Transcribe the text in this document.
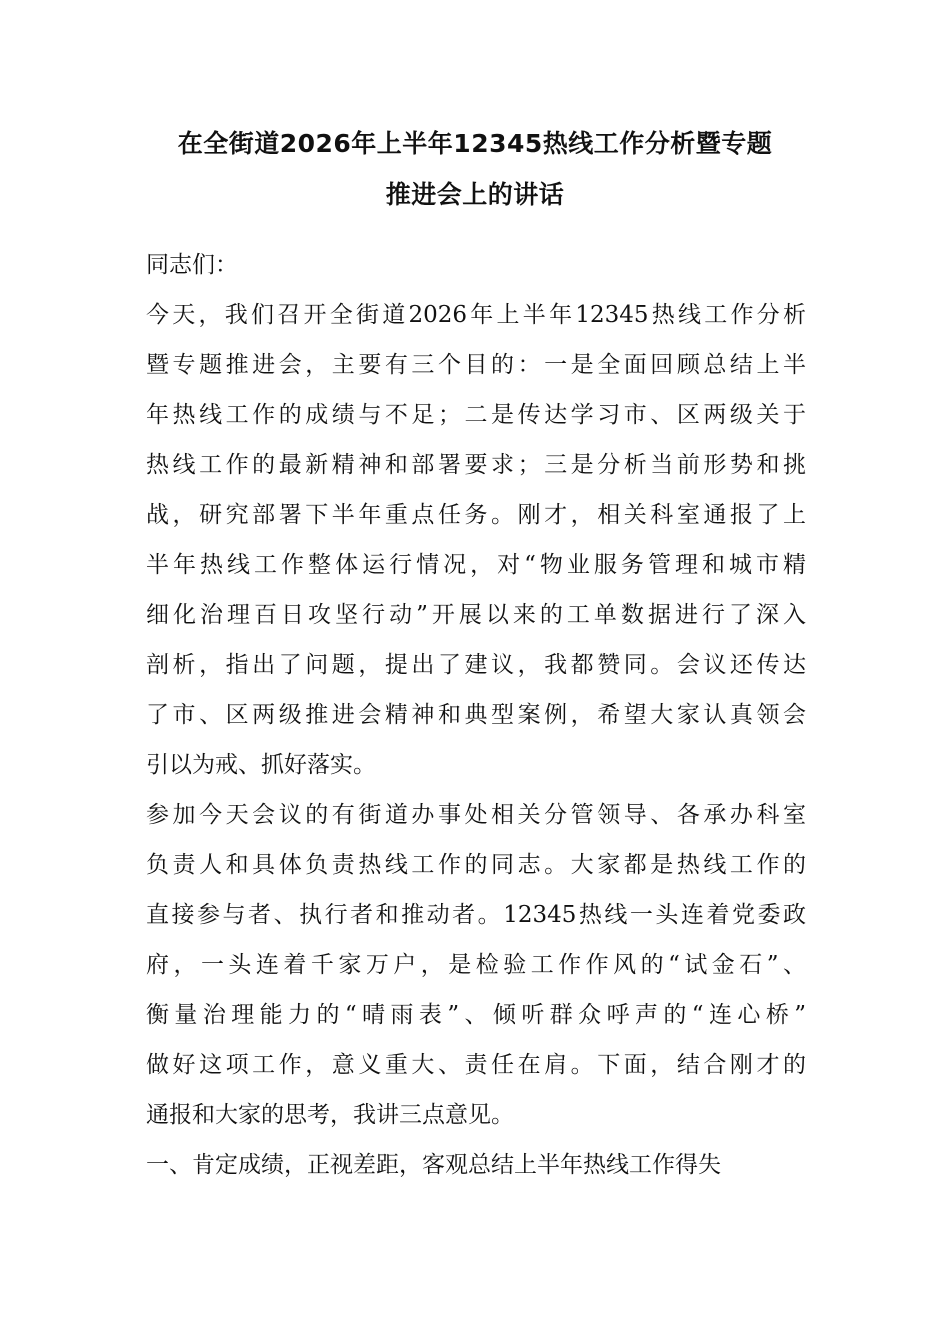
在全街道2026年上半年12345热线工作分析暨专题
推进会上的讲话

同志们：

今天，我们召开全街道2026年上半年12345热线工作分析
暨专题推进会，主要有三个目的：一是全面回顾总结上半
年热线工作的成绩与不足；二是传达学习市、区两级关于
热线工作的最新精神和部署要求；三是分析当前形势和挑
战，研究部署下半年重点任务。刚才，相关科室通报了上
半年热线工作整体运行情况，对“物业服务管理和城市精
细化治理百日攻坚行动”开展以来的工单数据进行了深入
剖析，指出了问题，提出了建议，我都赞同。会议还传达
了市、区两级推进会精神和典型案例，希望大家认真领会
引以为戒、抓好落实。

参加今天会议的有街道办事处相关分管领导、各承办科室
负责人和具体负责热线工作的同志。大家都是热线工作的
直接参与者、执行者和推动者。12345热线一头连着党委政
府，一头连着千家万户，是检验工作作风的“试金石”、
衡量治理能力的“晴雨表”、倾听群众呼声的“连心桥”
做好这项工作，意义重大、责任在肩。下面，结合刚才的
通报和大家的思考，我讲三点意见。

一、肯定成绩，正视差距，客观总结上半年热线工作得失
